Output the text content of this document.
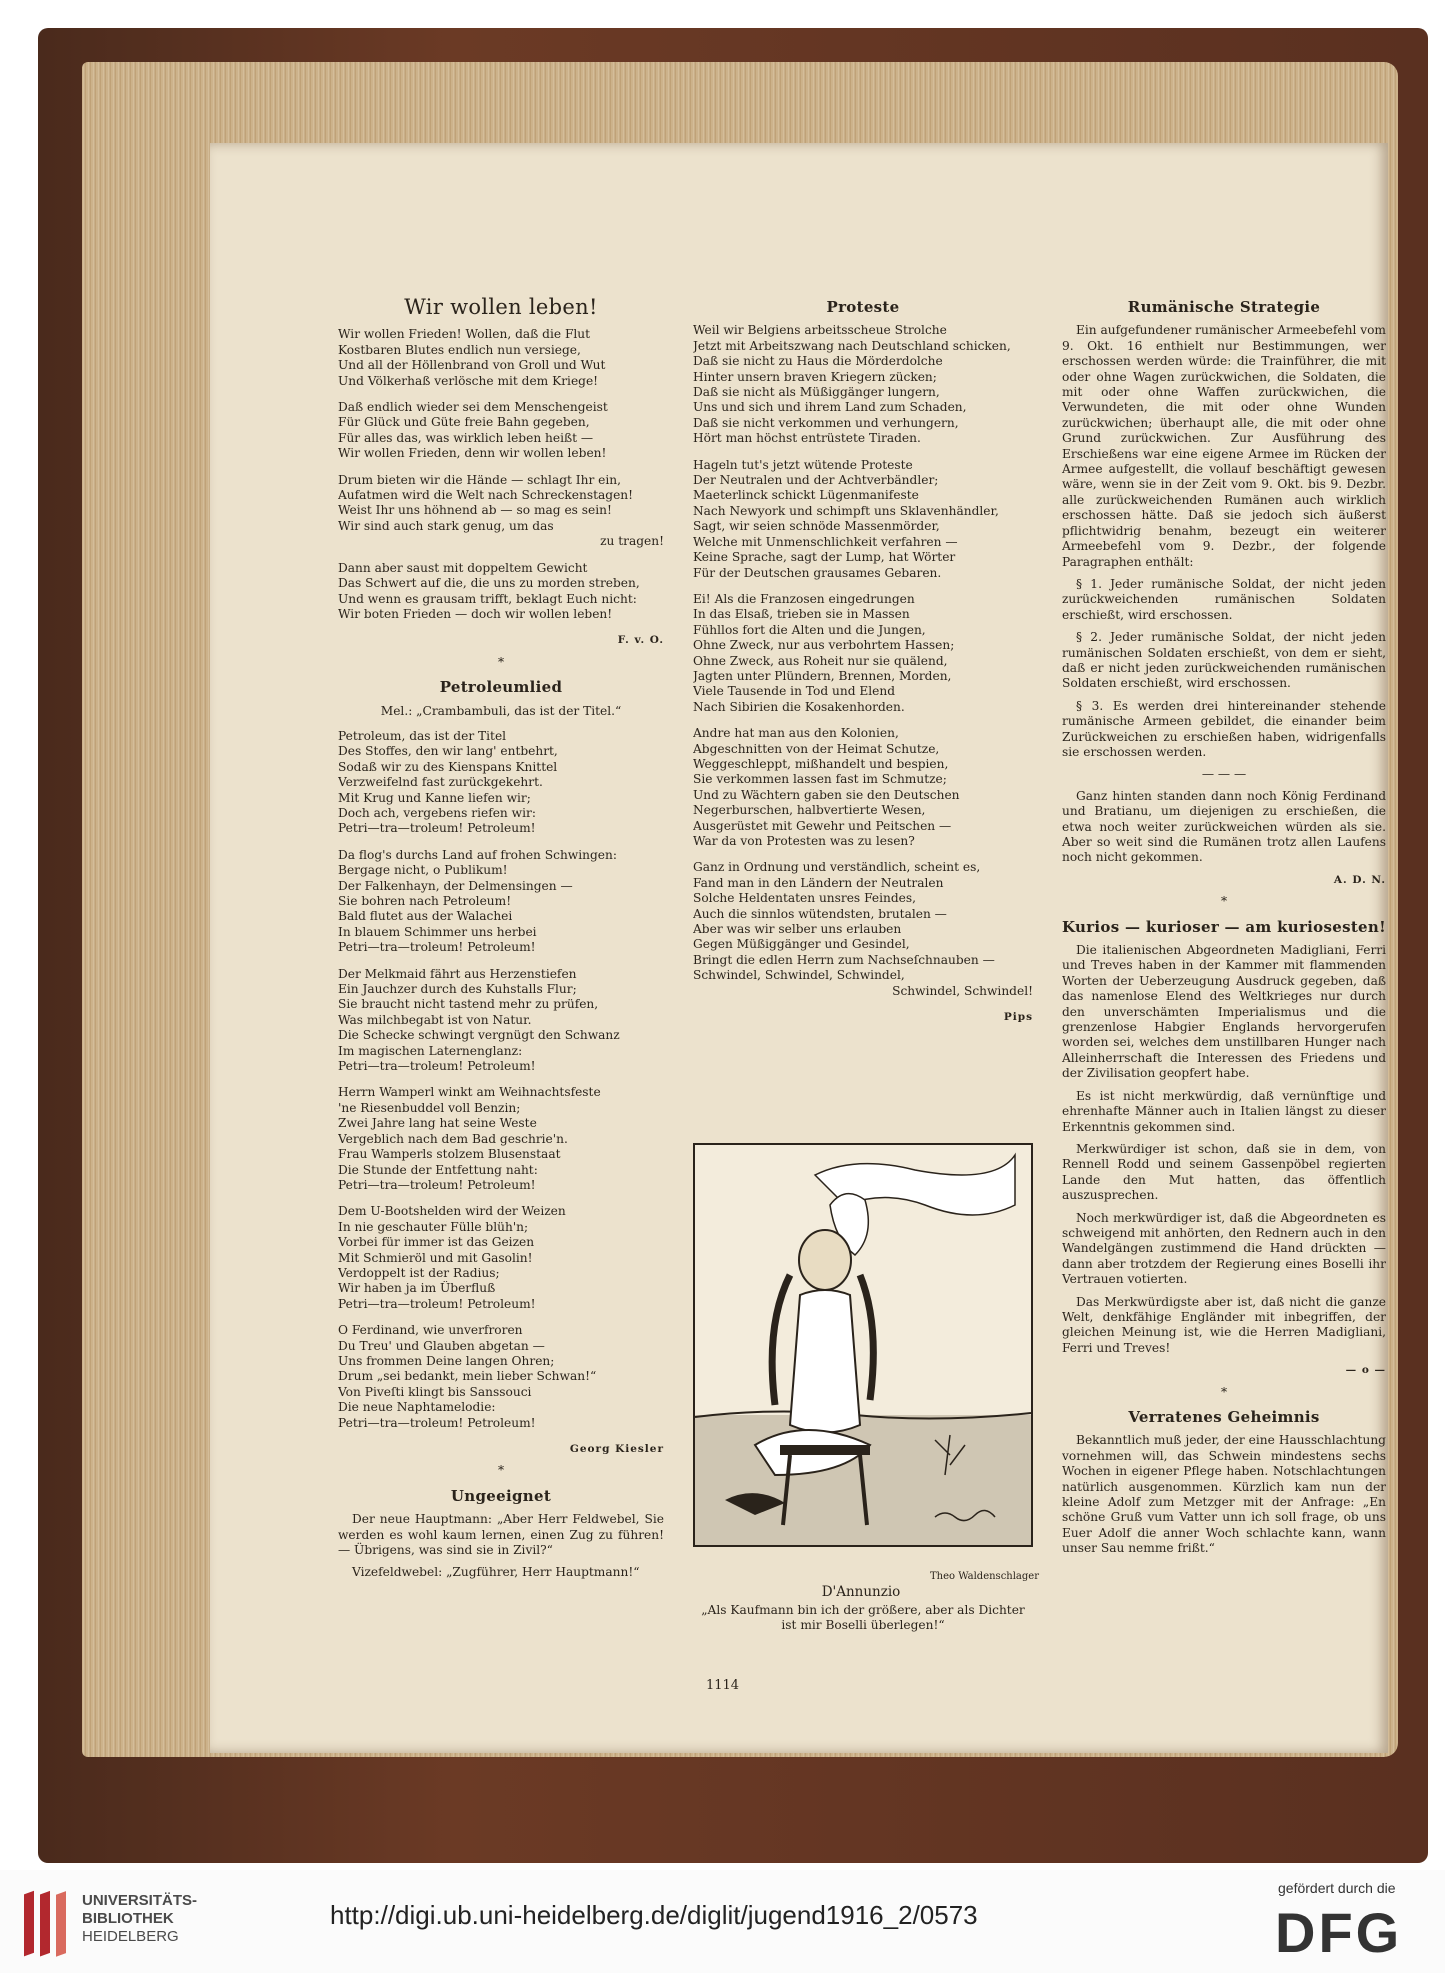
Wir wollen leben!
Wir wollen Frieden! Wollen, daß die Flut
Kostbaren Blutes endlich nun versiege,
Und all der Höllenbrand von Groll und Wut
Und Völkerhaß verlösche mit dem Kriege!
Daß endlich wieder sei dem Menschengeist
Für Glück und Güte freie Bahn gegeben,
Für alles das, was wirklich leben heißt —
Wir wollen Frieden, denn wir wollen leben!
Drum bieten wir die Hände — schlagt Ihr ein,
Aufatmen wird die Welt nach Schreckenstagen!
Weist Ihr uns höhnend ab — so mag es sein!
Wir sind auch stark genug, um das
zu tragen!
Dann aber saust mit doppeltem Gewicht
Das Schwert auf die, die uns zu morden streben,
Und wenn es grausam trifft, beklagt Euch nicht:
Wir boten Frieden — doch wir wollen leben!
F. v. O.
*
Petroleumlied
Mel.: „Crambambuli, das ist der Titel.“
Petroleum, das ist der Titel
Des Stoffes, den wir lang' entbehrt,
Sodaß wir zu des Kienspans Knittel
Verzweifelnd fast zurückgekehrt.
Mit Krug und Kanne liefen wir;
Doch ach, vergebens riefen wir:
Petri—tra—troleum! Petroleum!
Da flog's durchs Land auf frohen Schwingen:
Bergage nicht, o Publikum!
Der Falkenhayn, der Delmensingen —
Sie bohren nach Petroleum!
Bald flutet aus der Walachei
In blauem Schimmer uns herbei
Petri—tra—troleum! Petroleum!
Der Melkmaid fährt aus Herzenstiefen
Ein Jauchzer durch des Kuhstalls Flur;
Sie braucht nicht tastend mehr zu prüfen,
Was milchbegabt ist von Natur.
Die Schecke schwingt vergnügt den Schwanz
Im magischen Laternenglanz:
Petri—tra—troleum! Petroleum!
Herrn Wamperl winkt am Weihnachtsfeste
'ne Riesenbuddel voll Benzin;
Zwei Jahre lang hat seine Weste
Vergeblich nach dem Bad geschrie'n.
Frau Wamperls stolzem Blusenstaat
Die Stunde der Entfettung naht:
Petri—tra—troleum! Petroleum!
Dem U-Bootshelden wird der Weizen
In nie geschauter Fülle blüh'n;
Vorbei für immer ist das Geizen
Mit Schmieröl und mit Gasolin!
Verdoppelt ist der Radius;
Wir haben ja im Überfluß
Petri—tra—troleum! Petroleum!
O Ferdinand, wie unverfroren
Du Treu' und Glauben abgetan —
Uns frommen Deine langen Ohren;
Drum „sei bedankt, mein lieber Schwan!“
Von Piveſti klingt bis Sanssouci
Die neue Naphtamelodie:
Petri—tra—troleum! Petroleum!
Georg Kiesler
*
Ungeeignet
Der neue Hauptmann: „Aber Herr Feldwebel, Sie werden es wohl kaum lernen, einen Zug zu führen! — Übrigens, was sind sie in Zivil?“
Vizefeldwebel: „Zugführer, Herr Hauptmann!“
Proteste
Weil wir Belgiens arbeitsscheue Strolche
Jetzt mit Arbeitszwang nach Deutschland schicken,
Daß sie nicht zu Haus die Mörderdolche
Hinter unsern braven Kriegern zücken;
Daß sie nicht als Müßiggänger lungern,
Uns und sich und ihrem Land zum Schaden,
Daß sie nicht verkommen und verhungern,
Hört man höchst entrüstete Tiraden.
Hageln tut's jetzt wütende Proteste
Der Neutralen und der Achtverbändler;
Maeterlinck schickt Lügenmanifeste
Nach Newyork und schimpft uns Sklavenhändler,
Sagt, wir seien schnöde Massenmörder,
Welche mit Unmenschlichkeit verfahren —
Keine Sprache, sagt der Lump, hat Wörter
Für der Deutschen grausames Gebaren.
Ei! Als die Franzosen eingedrungen
In das Elsaß, trieben sie in Massen
Fühllos fort die Alten und die Jungen,
Ohne Zweck, nur aus verbohrtem Hassen;
Ohne Zweck, aus Roheit nur sie quälend,
Jagten unter Plündern, Brennen, Morden,
Viele Tausende in Tod und Elend
Nach Sibirien die Kosakenhorden.
Andre hat man aus den Kolonien,
Abgeschnitten von der Heimat Schutze,
Weggeschleppt, mißhandelt und bespien,
Sie verkommen lassen fast im Schmutze;
Und zu Wächtern gaben sie den Deutschen
Negerburschen, halbvertierte Wesen,
Ausgerüstet mit Gewehr und Peitschen —
War da von Protesten was zu lesen?
Ganz in Ordnung und verständlich, scheint es,
Fand man in den Ländern der Neutralen
Solche Heldentaten unsres Feindes,
Auch die sinnlos wütendsten, brutalen —
Aber was wir selber uns erlauben
Gegen Müßiggänger und Gesindel,
Bringt die edlen Herrn zum Nachseſchnauben —
Schwindel, Schwindel, Schwindel,
Schwindel, Schwindel!
Pips
Theo Waldenschlager
D'Annunzio
„Als Kaufmann bin ich der größere, aber als Dichter ist mir Boselli überlegen!“
Rumänische Strategie
Ein aufgefundener rumänischer Armeebefehl vom 9. Okt. 16 enthielt nur Bestimmungen, wer erschossen werden würde: die Trainführer, die mit oder ohne Wagen zurückwichen, die Soldaten, die mit oder ohne Waffen zurückwichen, die Verwundeten, die mit oder ohne Wunden zurückwichen; überhaupt alle, die mit oder ohne Grund zurückwichen. Zur Ausführung des Erschießens war eine eigene Armee im Rücken der Armee aufgestellt, die vollauf beschäftigt gewesen wäre, wenn sie in der Zeit vom 9. Okt. bis 9. Dezbr. alle zurückweichenden Rumänen auch wirklich erschossen hätte. Daß sie jedoch sich äußerst pflichtwidrig benahm, bezeugt ein weiterer Armeebefehl vom 9. Dezbr., der folgende Paragraphen enthält:
§ 1. Jeder rumänische Soldat, der nicht jeden zurückweichenden rumänischen Soldaten erschießt, wird erschossen.
§ 2. Jeder rumänische Soldat, der nicht jeden rumänischen Soldaten erschießt, von dem er sieht, daß er nicht jeden zurückweichenden rumänischen Soldaten erschießt, wird erschossen.
§ 3. Es werden drei hintereinander stehende rumänische Armeen gebildet, die einander beim Zurückweichen zu erschießen haben, widrigenfalls sie erschossen werden.
— — —
Ganz hinten standen dann noch König Ferdinand und Bratianu, um diejenigen zu erschießen, die etwa noch weiter zurückweichen würden als sie. Aber so weit sind die Rumänen trotz allen Laufens noch nicht gekommen.
A. D. N.
*
Kurios — kurioser — am kuriosesten!
Die italienischen Abgeordneten Madigliani, Ferri und Treves haben in der Kammer mit flammenden Worten der Ueberzeugung Ausdruck gegeben, daß das namenlose Elend des Weltkrieges nur durch den unverschämten Imperialismus und die grenzenlose Habgier Englands hervorgerufen worden sei, welches dem unstillbaren Hunger nach Alleinherrschaft die Interessen des Friedens und der Zivilisation geopfert habe.
Es ist nicht merkwürdig, daß vernünftige und ehrenhafte Männer auch in Italien längst zu dieser Erkenntnis gekommen sind.
Merkwürdiger ist schon, daß sie in dem, von Rennell Rodd und seinem Gassenpöbel regierten Lande den Mut hatten, das öffentlich auszusprechen.
Noch merkwürdiger ist, daß die Abgeordneten es schweigend mit anhörten, den Rednern auch in den Wandelgängen zustimmend die Hand drückten — dann aber trotzdem der Regierung eines Boselli ihr Vertrauen votierten.
Das Merkwürdigste aber ist, daß nicht die ganze Welt, denkfähige Engländer mit inbegriffen, der gleichen Meinung ist, wie die Herren Madigliani, Ferri und Treves!
— o —
*
Verratenes Geheimnis
Bekanntlich muß jeder, der eine Hausschlachtung vornehmen will, das Schwein mindestens sechs Wochen in eigener Pflege haben. Notschlachtungen natürlich ausgenommen. Kürzlich kam nun der kleine Adolf zum Metzger mit der Anfrage: „En schöne Gruß vum Vatter unn ich soll frage, ob uns Euer Adolf die anner Woch schlachte kann, wann unser Sau nemme frißt.“
1114
UNIVERSITÄTS-
BIBLIOTHEK
HEIDELBERG
http://digi.ub.uni-heidelberg.de/diglit/jugend1916_2/0573
gefördert durch die
DFG
